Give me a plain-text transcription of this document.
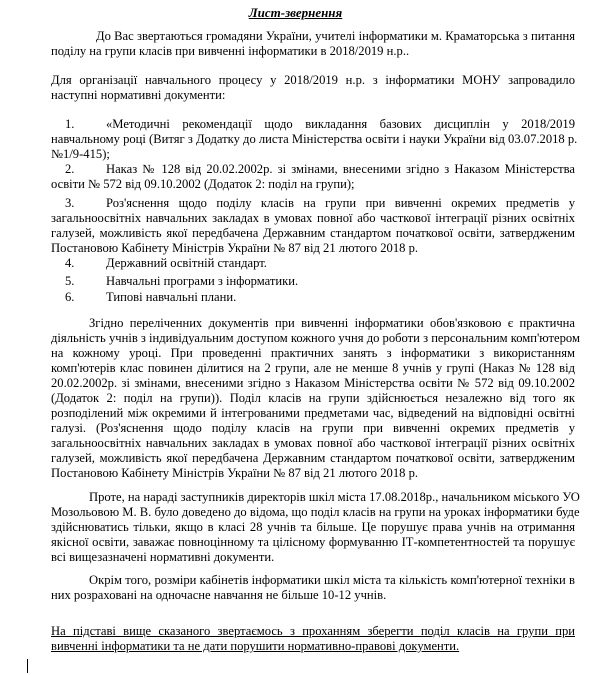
Лист-звернення
До Вас звертаються громадяни України, учителі інформатики м. Краматорська з питання
поділу на групи класів при вивченні інформатики в 2018/2019 н.р..
Для організації навчального процесу у 2018/2019 н.р. з інформатики МОНУ запровадило
наступні нормативні документи:
1.	«Методичні рекомендації щодо викладання базових дисциплін у 2018/2019
навчальному році (Витяг з Додатку до листа Міністерства освіти і науки України від 03.07.2018 р.
№1/9-415);
2.	Наказ № 128 від 20.02.2002р. зі змінами, внесеними згідно з Наказом Міністерства
освіти № 572 від 09.10.2002 (Додаток 2: поділ на групи);
3.	Роз'яснення щодо поділу класів на групи при вивченні окремих предметів у
загальноосвітніх навчальних закладах в умовах повної або часткової інтеграції різних освітніх
галузей, можливість якої передбачена Державним стандартом початкової освіти, затвердженим
Постановою Кабінету Міністрів України № 87 від 21 лютого 2018 р.
4.	Державний освітній стандарт.
5.	Навчальні програми з інформатики.
6.	Типові навчальні плани.
Згідно переліченних документів при вивченні інформатики обов'язковою є практична
діяльність учнів з індивідуальним доступом кожного учня до роботи з персональним комп'ютером
на кожному уроці. При проведенні практичних занять з інформатики з використанням
комп'ютерів клас повинен ділитися на 2 групи, але не менше 8 учнів у групі (Наказ № 128 від
20.02.2002р. зі змінами, внесеними згідно з Наказом Міністерства освіти № 572 від 09.10.2002
(Додаток 2: поділ на групи)). Поділ класів на групи здійснюється незалежно від того як
розподілений між окремими й інтегрованими предметами час, відведений на відповідні освітні
галузі. (Роз'яснення щодо поділу класів на групи при вивченні окремих предметів у
загальноосвітніх навчальних закладах в умовах повної або часткової інтеграції різних освітніх
галузей, можливість якої передбачена Державним стандартом початкової освіти, затвердженим
Постановою Кабінету Міністрів України № 87 від 21 лютого 2018 р.
Проте, на нараді заступників директорів шкіл міста 17.08.2018р., начальником міського УО
Мозольовою М. В. було доведено до відома, що поділ класів на групи на уроках інформатики буде
здійснюватись тільки, якщо в класі 28 учнів та більше. Це порушує права учнів на отримання
якісної освіти, заважає повноцінному та цілісному формуванню ІТ-компетентностей та порушує
всі вищезазначені нормативні документи.
Окрім того, розміри кабінетів інформатики шкіл міста та кількість комп'ютерної техніки в
них розраховані на одночасне навчання не більше 10-12 учнів.
На підставі вище сказаного звертаємось з проханням зберегти поділ класів на групи при
вивченні інформатики та не дати порушити нормативно-правові документи.
